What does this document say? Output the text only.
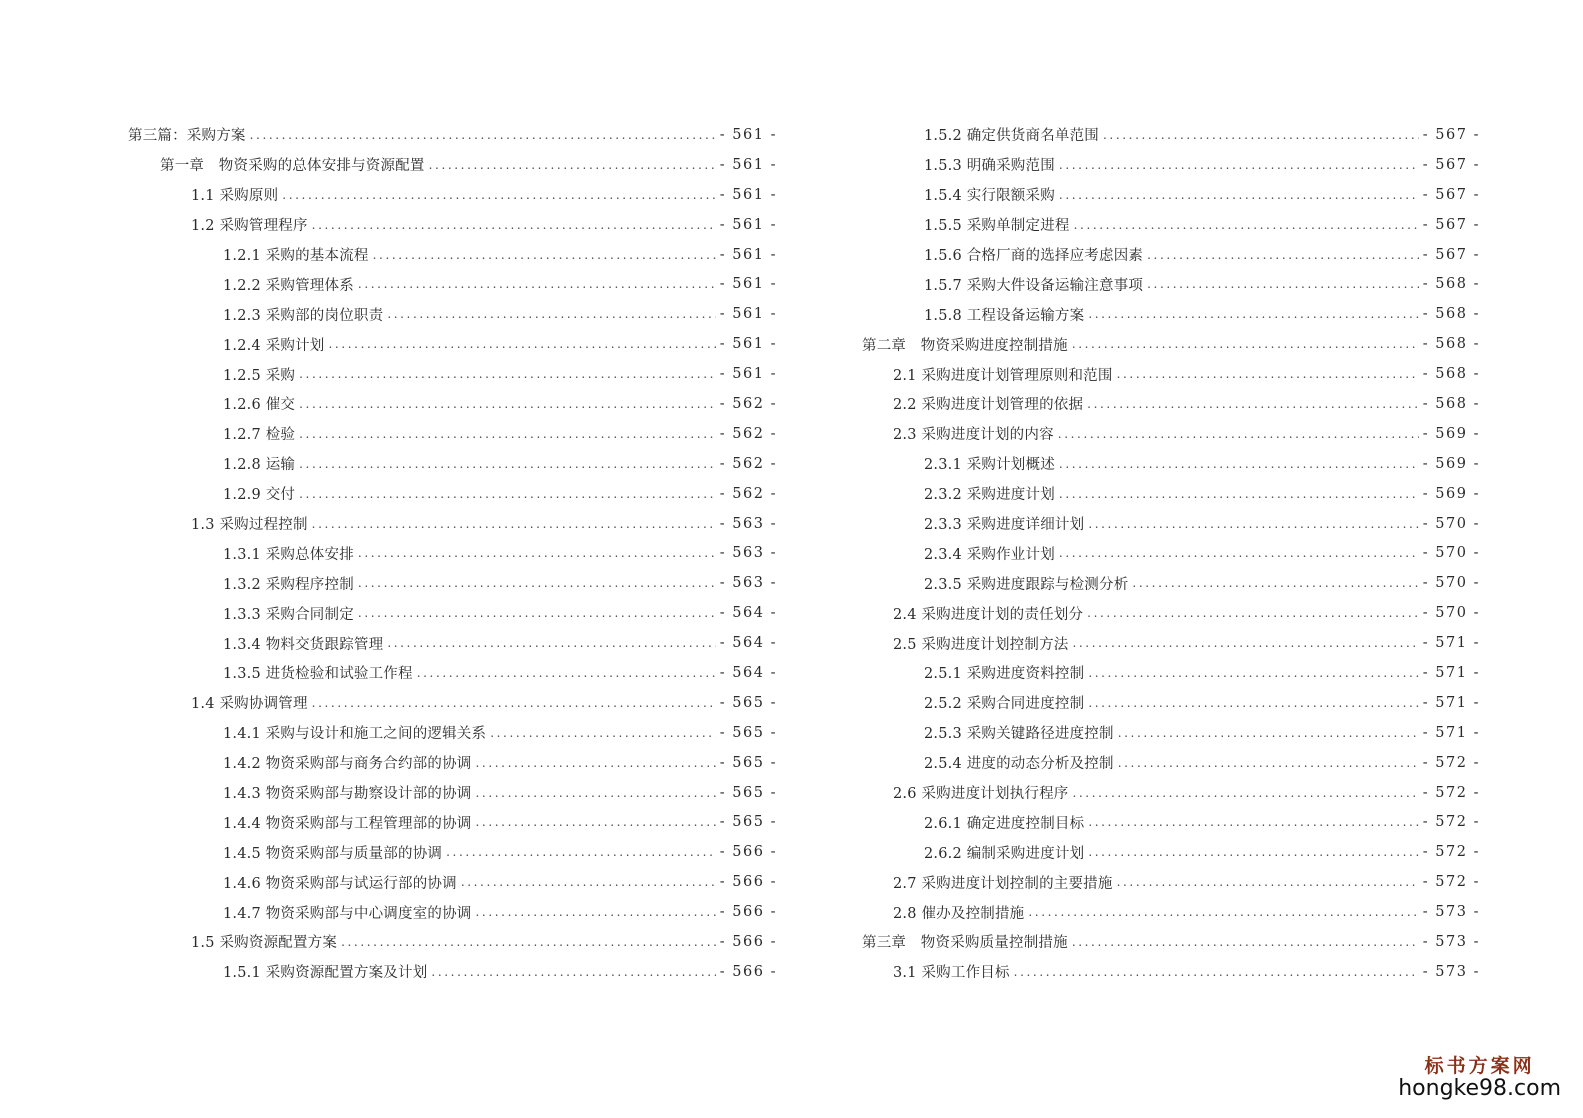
第三篇：采购方案 .....	- 561 -
第一章　物资采购的总体安排与资源配置 .....	- 561 -
1.1 采购原则 .....	- 561 -
1.2 采购管理程序 .....	- 561 -
1.2.1 采购的基本流程 .....	- 561 -
1.2.2 采购管理体系 .....	- 561 -
1.2.3 采购部的岗位职责 .....	- 561 -
1.2.4 采购计划 .....	- 561 -
1.2.5 采购 .....	- 561 -
1.2.6 催交 .....	- 562 -
1.2.7 检验 .....	- 562 -
1.2.8 运输 .....	- 562 -
1.2.9 交付 .....	- 562 -
1.3 采购过程控制 .....	- 563 -
1.3.1 采购总体安排 .....	- 563 -
1.3.2 采购程序控制 .....	- 563 -
1.3.3 采购合同制定 .....	- 564 -
1.3.4 物料交货跟踪管理 .....	- 564 -
1.3.5 进货检验和试验工作程 .....	- 564 -
1.4 采购协调管理 .....	- 565 -
1.4.1 采购与设计和施工之间的逻辑关系 .....	- 565 -
1.4.2 物资采购部与商务合约部的协调 .....	- 565 -
1.4.3 物资采购部与勘察设计部的协调 .....	- 565 -
1.4.4 物资采购部与工程管理部的协调 .....	- 565 -
1.4.5 物资采购部与质量部的协调 .....	- 566 -
1.4.6 物资采购部与试运行部的协调 .....	- 566 -
1.4.7 物资采购部与中心调度室的协调 .....	- 566 -
1.5 采购资源配置方案 .....	- 566 -
1.5.1 采购资源配置方案及计划 .....	- 566 -
1.5.2 确定供货商名单范围 .....	- 567 -
1.5.3 明确采购范围 .....	- 567 -
1.5.4 实行限额采购 .....	- 567 -
1.5.5 采购单制定进程 .....	- 567 -
1.5.6 合格厂商的选择应考虑因素 .....	- 567 -
1.5.7 采购大件设备运输注意事项 .....	- 568 -
1.5.8 工程设备运输方案 .....	- 568 -
第二章　物资采购进度控制措施 .....	- 568 -
2.1 采购进度计划管理原则和范围 .....	- 568 -
2.2 采购进度计划管理的依据 .....	- 568 -
2.3 采购进度计划的内容 .....	- 569 -
2.3.1 采购计划概述 .....	- 569 -
2.3.2 采购进度计划 .....	- 569 -
2.3.3 采购进度详细计划 .....	- 570 -
2.3.4 采购作业计划 .....	- 570 -
2.3.5 采购进度跟踪与检测分析 .....	- 570 -
2.4 采购进度计划的责任划分 .....	- 570 -
2.5 采购进度计划控制方法 .....	- 571 -
2.5.1 采购进度资料控制 .....	- 571 -
2.5.2 采购合同进度控制 .....	- 571 -
2.5.3 采购关键路径进度控制 .....	- 571 -
2.5.4 进度的动态分析及控制 .....	- 572 -
2.6 采购进度计划执行程序 .....	- 572 -
2.6.1 确定进度控制目标 .....	- 572 -
2.6.2 编制采购进度计划 .....	- 572 -
2.7 采购进度计划控制的主要措施 .....	- 572 -
2.8 催办及控制措施 .....	- 573 -
第三章　物资采购质量控制措施 .....	- 573 -
3.1 采购工作目标 .....	- 573 -
标书方案网
hongke98.com
